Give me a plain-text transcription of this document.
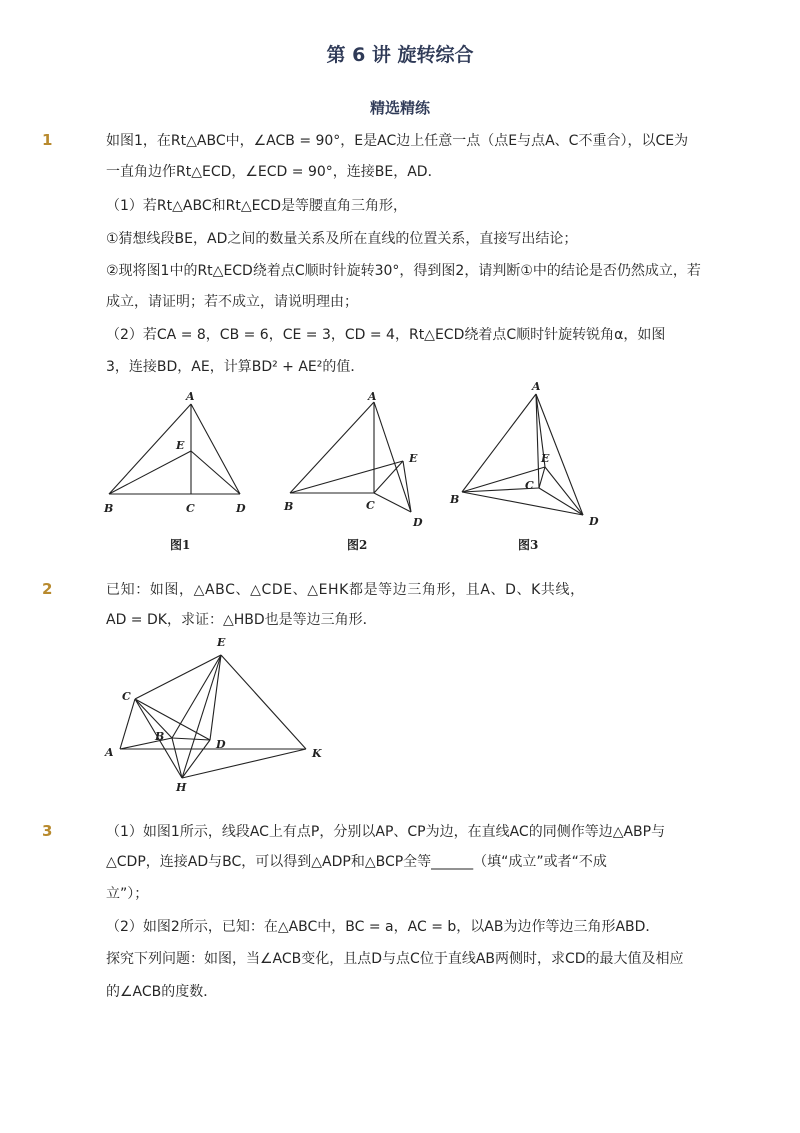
第 6 讲 旋转综合
精选精练
1	如图1，在Rt△ABC中，∠ACB = 90°，E是AC边上任意一点（点E与点A、C不重合），以CE为
一直角边作Rt△ECD，∠ECD = 90°，连接BE，AD．
（1）若Rt△ABC和Rt△ECD是等腰直角三角形，
①猜想线段BE，AD之间的数量关系及所在直线的位置关系，直接写出结论；
②现将图1中的Rt△ECD绕着点C顺时针旋转30°，得到图2，请判断①中的结论是否仍然成立，若
成立，请证明；若不成立，请说明理由；
（2）若CA = 8，CB = 6，CE = 3，CD = 4，Rt△ECD绕着点C顺时针旋转锐角α，如图
3，连接BD，AE，计算BD² + AE²的值．
A
E
B	C	D
图1
A
E
B	C
D
图2
A
E
C
B
D
图3
2	已知：如图，△ABC、△CDE、△EHK都是等边三角形，且A、D、K共线，
AD = DK，求证：△HBD也是等边三角形．
E
C
B
A
D
K
H
3	（1）如图1所示，线段AC上有点P，分别以AP、CP为边，在直线AC的同侧作等边△ABP与
△CDP，连接AD与BC，可以得到△ADP和△BCP全等______（填“成立”或者“不成
立”）；
（2）如图2所示，已知：在△ABC中，BC = a，AC = b，以AB为边作等边三角形ABD．
探究下列问题：如图，当∠ACB变化，且点D与点C位于直线AB两侧时，求CD的最大值及相应
的∠ACB的度数．
